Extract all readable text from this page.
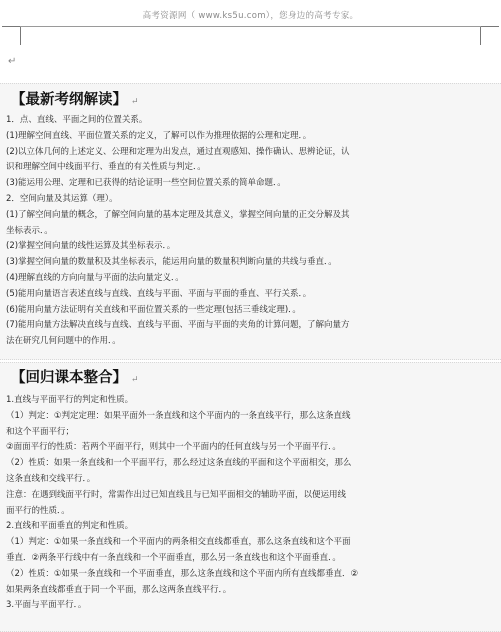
高考资源网（ www.ks5u.com），您身边的高考专家。
↵
【最新考纲解读】 ↵
1．点、直线、平面之间的位置关系。
(1)理解空间直线、平面位置关系的定义，了解可以作为推理依据的公理和定理．。
(2)以立体几何的上述定义、公理和定理为出发点，通过直观感知、操作确认、思辨论证，认
识和理解空间中线面平行、垂直的有关性质与判定．。
(3)能运用公理、定理和已获得的结论证明一些空间位置关系的简单命题．。
2．空间向量及其运算（理）。
(1)了解空间向量的概念，了解空间向量的基本定理及其意义，掌握空间向量的正交分解及其
坐标表示．。
(2)掌握空间向量的线性运算及其坐标表示．。
(3)掌握空间向量的数量积及其坐标表示，能运用向量的数量积判断向量的共线与垂直．。
(4)理解直线的方向向量与平面的法向量定义．。
(5)能用向量语言表述直线与直线、直线与平面、平面与平面的垂直、平行关系．。
(6)能用向量方法证明有关直线和平面位置关系的一些定理(包括三垂线定理)．。
(7)能用向量方法解决直线与直线、直线与平面、平面与平面的夹角的计算问题，了解向量方
法在研究几何问题中的作用．。
【回归课本整合】 ↵
1.直线与平面平行的判定和性质。
（1）判定：①判定定理：如果平面外一条直线和这个平面内的一条直线平行，那么这条直线
和这个平面平行；
②面面平行的性质：若两个平面平行，则其中一个平面内的任何直线与另一个平面平行．。
（2）性质：如果一条直线和一个平面平行，那么经过这条直线的平面和这个平面相交，那么
这条直线和交线平行．。
注意：在遇到线面平行时，常需作出过已知直线且与已知平面相交的辅助平面，以便运用线
面平行的性质．。
2.直线和平面垂直的判定和性质。
（1）判定：①如果一条直线和一个平面内的两条相交直线都垂直，那么这条直线和这个平面
垂直．②两条平行线中有一条直线和一个平面垂直，那么另一条直线也和这个平面垂直．。
（2）性质：①如果一条直线和一个平面垂直，那么这条直线和这个平面内所有直线都垂直．②
如果两条直线都垂直于同一个平面，那么这两条直线平行．。
3.平面与平面平行．。
